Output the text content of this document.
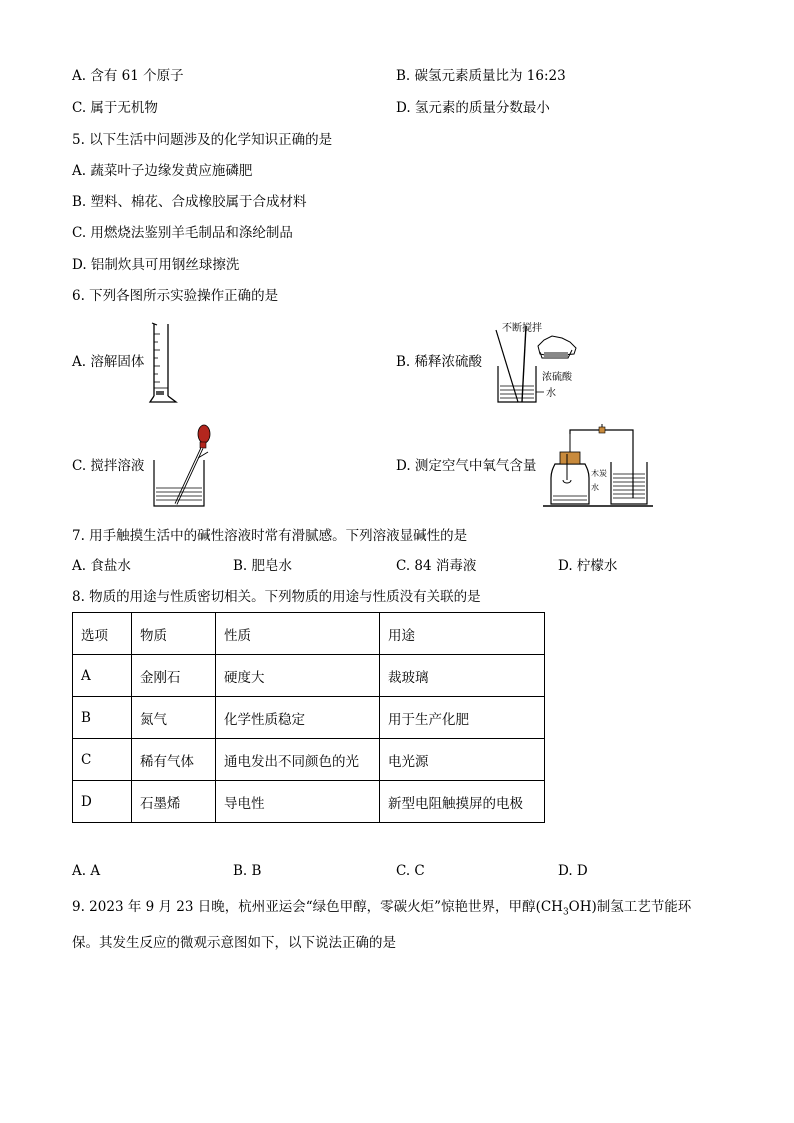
A. 含有 61 个原子	B. 碳氢元素质量比为 16:23
C. 属于无机物	D. 氢元素的质量分数最小
5. 以下生活中问题涉及的化学知识正确的是
A. 蔬菜叶子边缘发黄应施磷肥
B. 塑料、棉花、合成橡胶属于合成材料
C. 用燃烧法鉴别羊毛制品和涤纶制品
D. 铝制炊具可用钢丝球擦洗
6. 下列各图所示实验操作正确的是
A. 溶解固体	B. 稀释浓硫酸
C. 搅拌溶液	D. 测定空气中氧气含量
不断搅拌
浓硫酸
水
木炭
水
7. 用手触摸生活中的碱性溶液时常有滑腻感。下列溶液显碱性的是
A. 食盐水	B. 肥皂水	C. 84 消毒液	D. 柠檬水
8. 物质的用途与性质密切相关。下列物质的用途与性质没有关联的是
选项	物质	性质	用途
A	金刚石	硬度大	裁玻璃
B	氮气	化学性质稳定	用于生产化肥
C	稀有气体	通电发出不同颜色的光	电光源
D	石墨烯	导电性	新型电阻触摸屏的电极
A. A	B. B	C. C	D. D
9. 2023 年 9 月 23 日晚，杭州亚运会“绿色甲醇，零碳火炬”惊艳世界，甲醇$(CH_3OH)$制氢工艺节能环
保。其发生反应的微观示意图如下，以下说法正确的是
